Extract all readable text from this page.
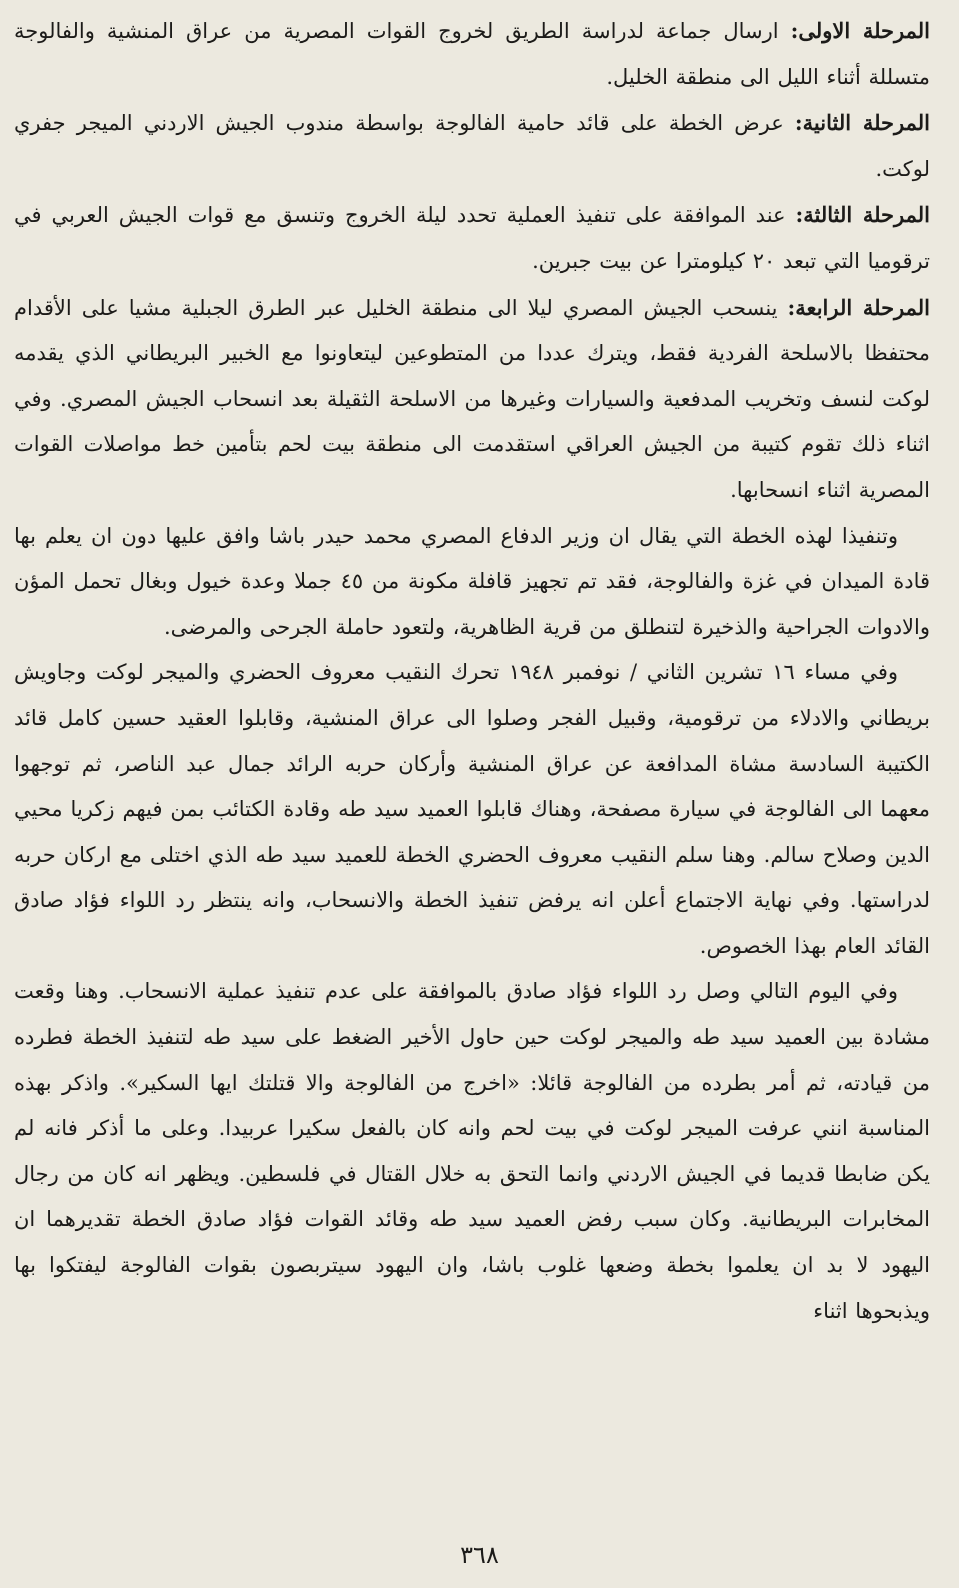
المرحلة الاولى: ارسال جماعة لدراسة الطريق لخروج القوات المصرية من عراق المنشية والفالوجة متسللة أثناء الليل الى منطقة الخليل.

المرحلة الثانية: عرض الخطة على قائد حامية الفالوجة بواسطة مندوب الجيش الاردني الميجر جفري لوكت.

المرحلة الثالثة: عند الموافقة على تنفيذ العملية تحدد ليلة الخروج وتنسق مع قوات الجيش العربي في ترقوميا التي تبعد ٢٠ كيلومترا عن بيت جبرين.

المرحلة الرابعة: ينسحب الجيش المصري ليلا الى منطقة الخليل عبر الطرق الجبلية مشيا على الأقدام محتفظا بالاسلحة الفردية فقط، ويترك عددا من المتطوعين ليتعاونوا مع الخبير البريطاني الذي يقدمه لوكت لنسف وتخريب المدفعية والسيارات وغيرها من الاسلحة الثقيلة بعد انسحاب الجيش المصري. وفي اثناء ذلك تقوم كتيبة من الجيش العراقي استقدمت الى منطقة بيت لحم بتأمين خط مواصلات القوات المصرية اثناء انسحابها.

وتنفيذا لهذه الخطة التي يقال ان وزير الدفاع المصري محمد حيدر باشا وافق عليها دون ان يعلم بها قادة الميدان في غزة والفالوجة، فقد تم تجهيز قافلة مكونة من ٤٥ جملا وعدة خيول وبغال تحمل المؤن والادوات الجراحية والذخيرة لتنطلق من قرية الظاهرية، ولتعود حاملة الجرحى والمرضى.

وفي مساء ١٦ تشرين الثاني / نوفمبر ١٩٤٨ تحرك النقيب معروف الحضري والميجر لوكت وجاويش بريطاني والادلاء من ترقومية، وقبيل الفجر وصلوا الى عراق المنشية، وقابلوا العقيد حسين كامل قائد الكتيبة السادسة مشاة المدافعة عن عراق المنشية وأركان حربه الرائد جمال عبد الناصر، ثم توجهوا معهما الى الفالوجة في سيارة مصفحة، وهناك قابلوا العميد سيد طه وقادة الكتائب بمن فيهم زكريا محيي الدين وصلاح سالم. وهنا سلم النقيب معروف الحضري الخطة للعميد سيد طه الذي اختلى مع اركان حربه لدراستها. وفي نهاية الاجتماع أعلن انه يرفض تنفيذ الخطة والانسحاب، وانه ينتظر رد اللواء فؤاد صادق القائد العام بهذا الخصوص.

وفي اليوم التالي وصل رد اللواء فؤاد صادق بالموافقة على عدم تنفيذ عملية الانسحاب. وهنا وقعت مشادة بين العميد سيد طه والميجر لوكت حين حاول الأخير الضغط على سيد طه لتنفيذ الخطة فطرده من قيادته، ثم أمر بطرده من الفالوجة قائلا: «اخرج من الفالوجة والا قتلتك ايها السكير». واذكر بهذه المناسبة انني عرفت الميجر لوكت في بيت لحم وانه كان بالفعل سكيرا عربيدا. وعلى ما أذكر فانه لم يكن ضابطا قديما في الجيش الاردني وانما التحق به خلال القتال في فلسطين. ويظهر انه كان من رجال المخابرات البريطانية. وكان سبب رفض العميد سيد طه وقائد القوات فؤاد صادق الخطة تقديرهما ان اليهود لا بد ان يعلموا بخطة وضعها غلوب باشا، وان اليهود سيتربصون بقوات الفالوجة ليفتكوا بها ويذبحوها اثناء

٣٦٨
